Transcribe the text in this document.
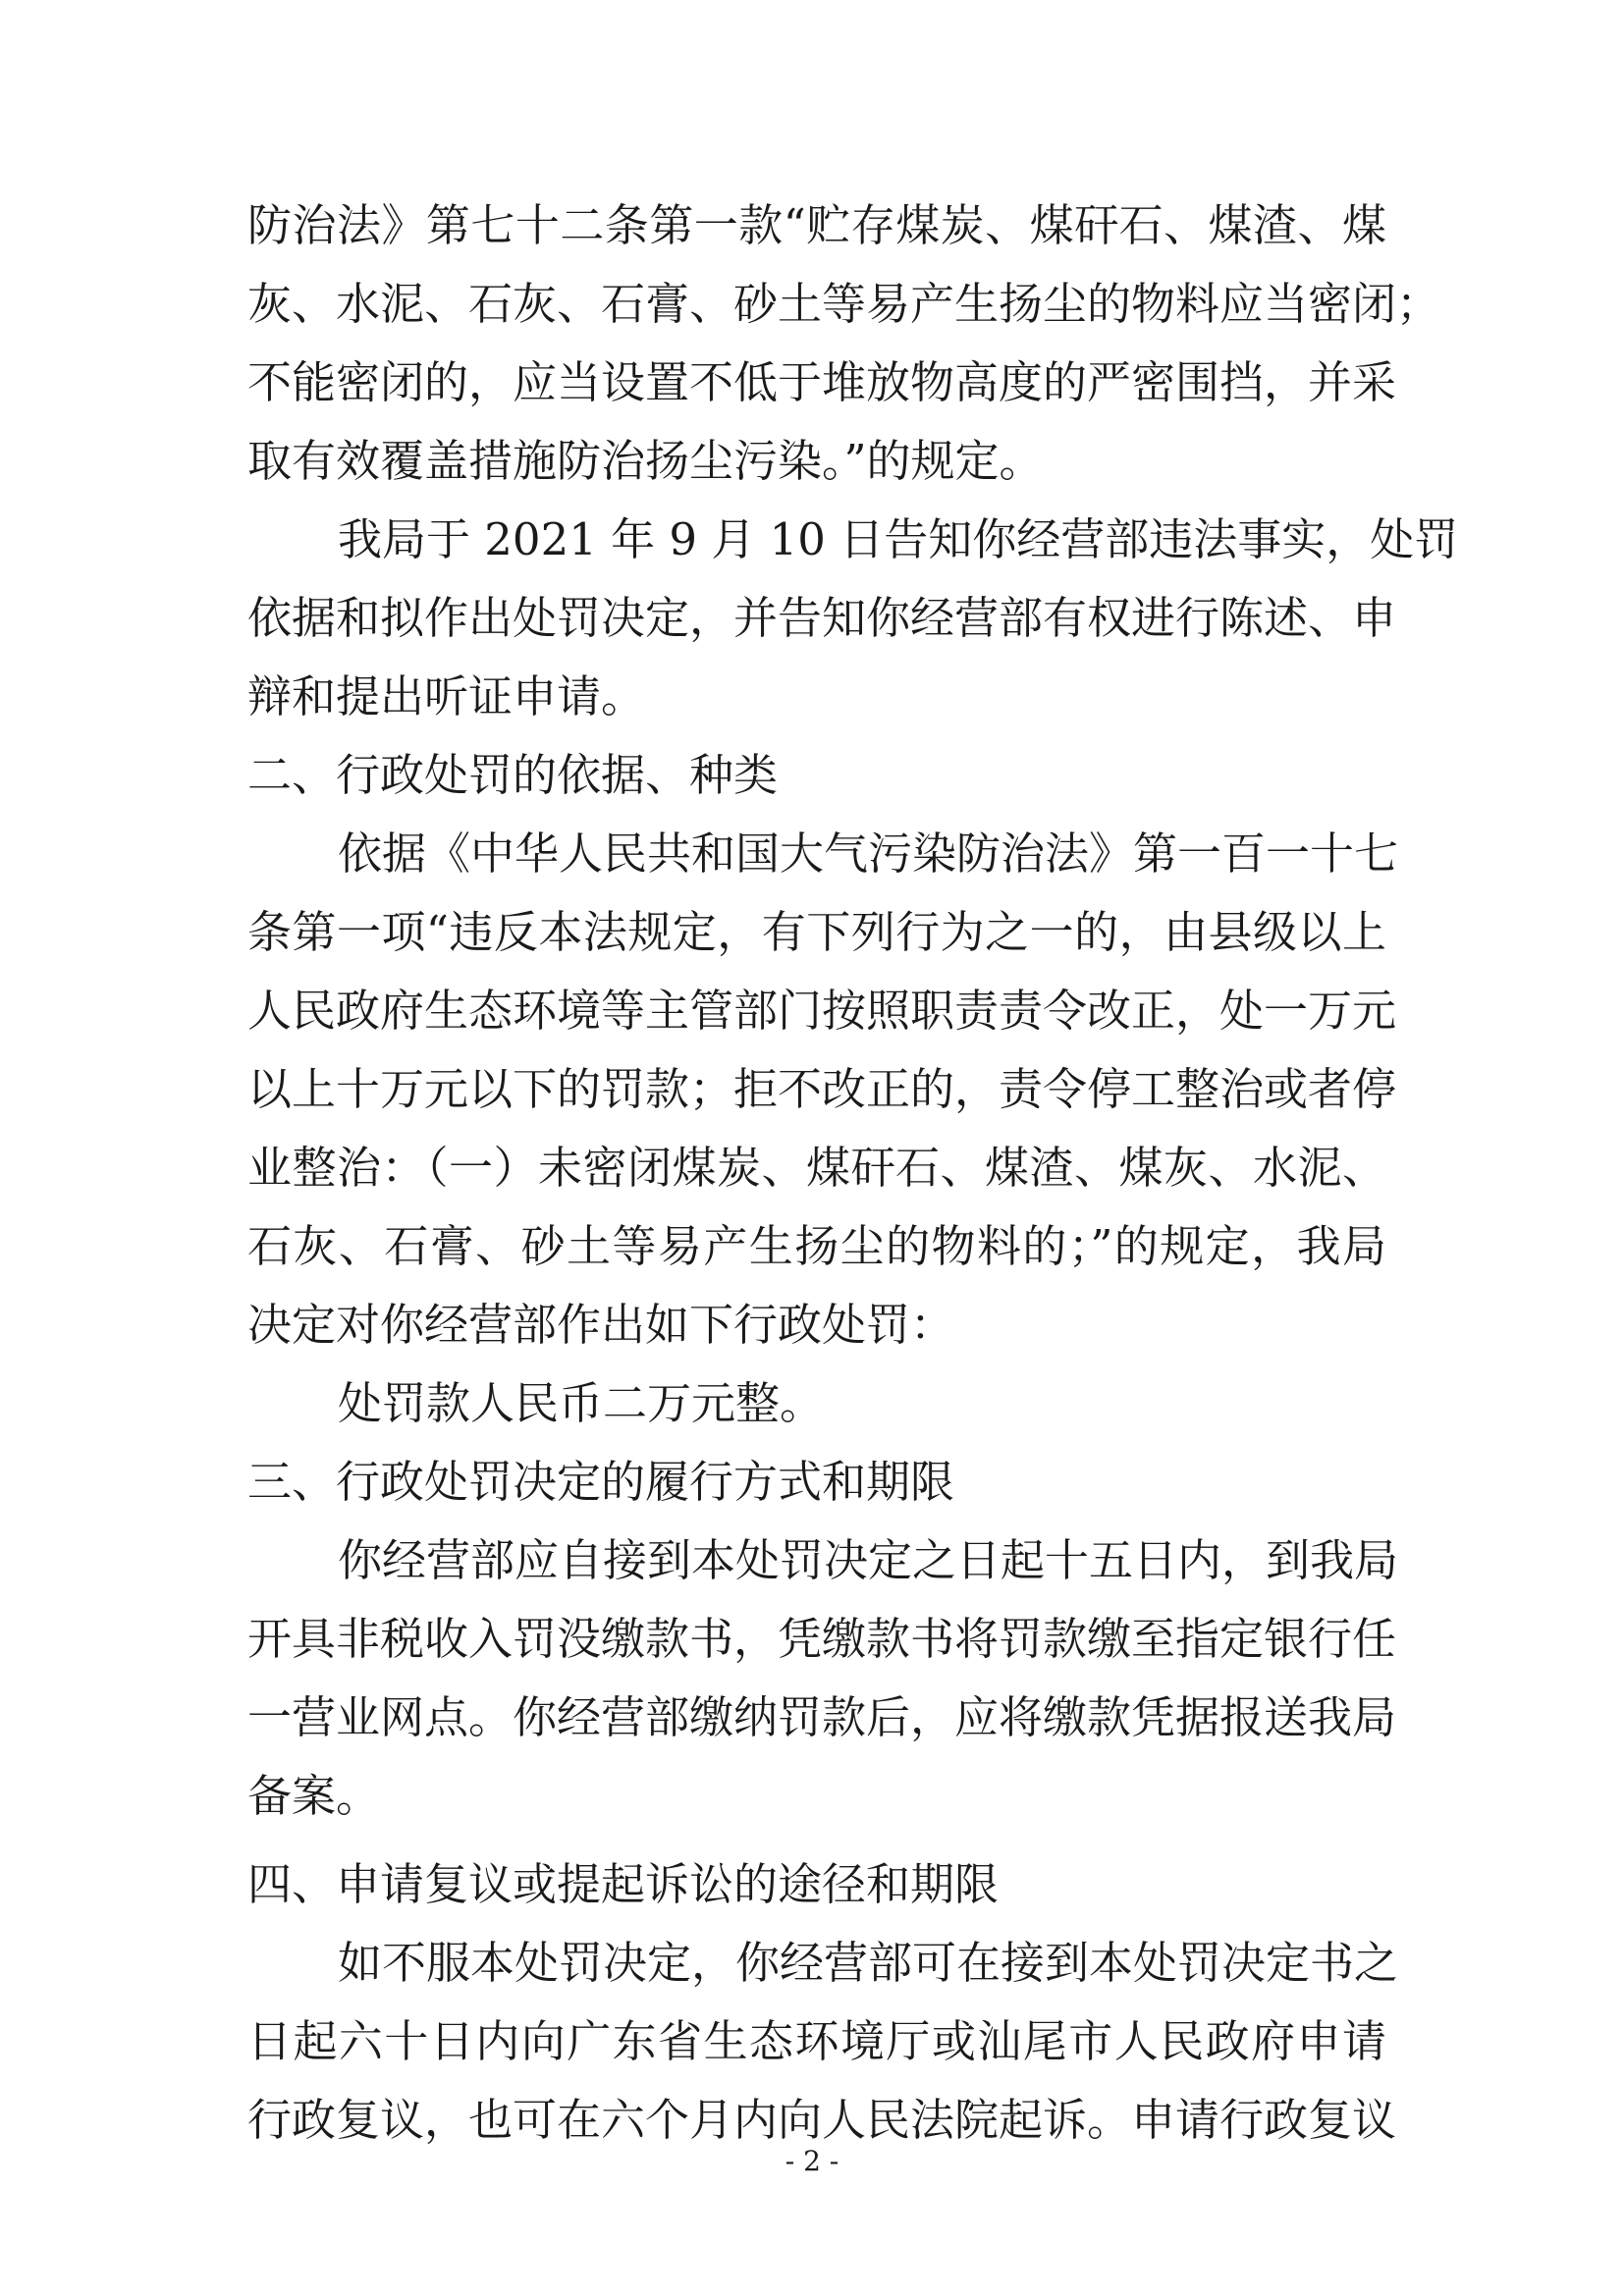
防治法》第七十二条第一款“贮存煤炭、煤矸石、煤渣、煤
灰、水泥、石灰、石膏、砂土等易产生扬尘的物料应当密闭；
不能密闭的，应当设置不低于堆放物高度的严密围挡，并采
取有效覆盖措施防治扬尘污染。”的规定。
我局于 2021 年 9 月 10 日告知你经营部违法事实，处罚
依据和拟作出处罚决定，并告知你经营部有权进行陈述、申
辩和提出听证申请。
二、行政处罚的依据、种类
依据《中华人民共和国大气污染防治法》第一百一十七
条第一项“违反本法规定，有下列行为之一的，由县级以上
人民政府生态环境等主管部门按照职责责令改正，处一万元
以上十万元以下的罚款；拒不改正的，责令停工整治或者停
业整治：（一）未密闭煤炭、煤矸石、煤渣、煤灰、水泥、
石灰、石膏、砂土等易产生扬尘的物料的；”的规定，我局
决定对你经营部作出如下行政处罚：
处罚款人民币二万元整。
三、行政处罚决定的履行方式和期限
你经营部应自接到本处罚决定之日起十五日内，到我局
开具非税收入罚没缴款书，凭缴款书将罚款缴至指定银行任
一营业网点。你经营部缴纳罚款后，应将缴款凭据报送我局
备案。
四、申请复议或提起诉讼的途径和期限
如不服本处罚决定，你经营部可在接到本处罚决定书之
日起六十日内向广东省生态环境厅或汕尾市人民政府申请
行政复议，也可在六个月内向人民法院起诉。申请行政复议
- 2 -
